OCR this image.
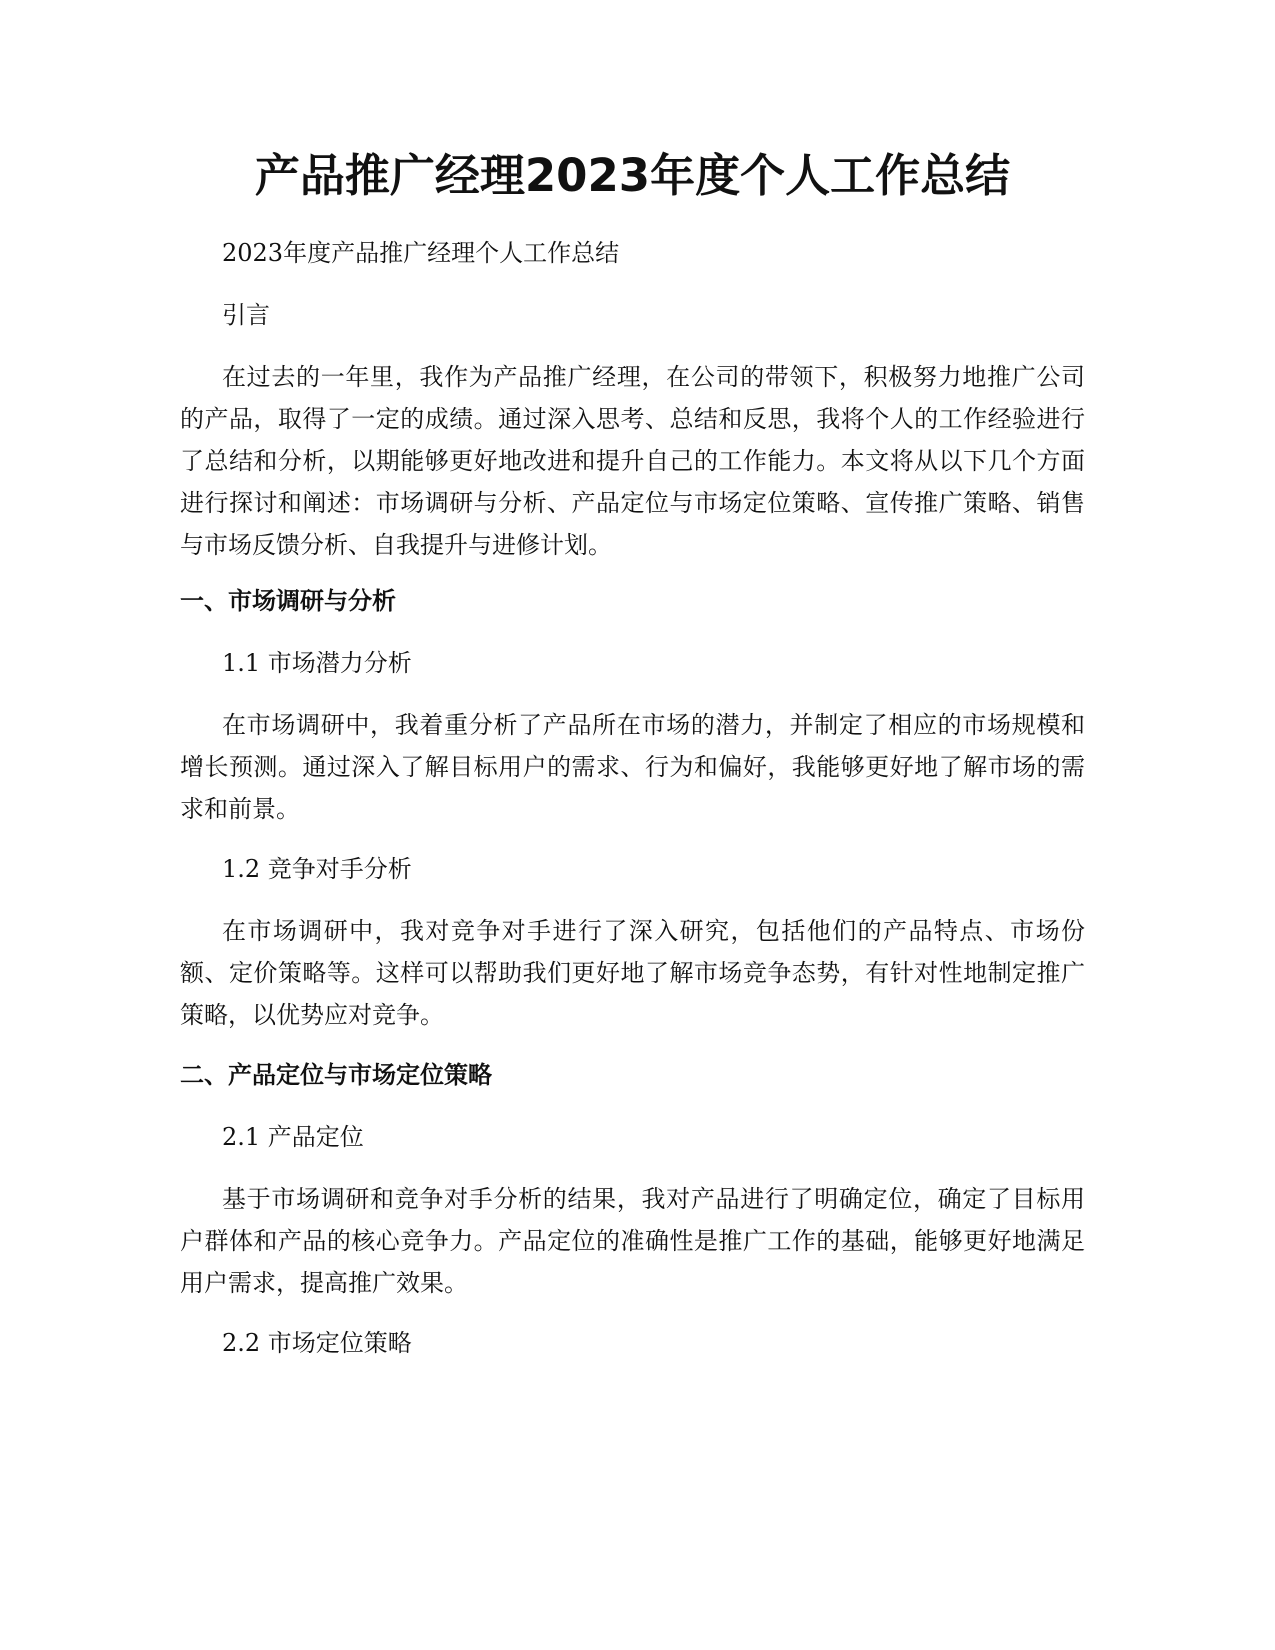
产品推广经理2023年度个人工作总结

2023年度产品推广经理个人工作总结

引言

在过去的一年里，我作为产品推广经理，在公司的带领下，积极努力地推广公司的产品，取得了一定的成绩。通过深入思考、总结和反思，我将个人的工作经验进行了总结和分析，以期能够更好地改进和提升自己的工作能力。本文将从以下几个方面进行探讨和阐述：市场调研与分析、产品定位与市场定位策略、宣传推广策略、销售与市场反馈分析、自我提升与进修计划。

一、市场调研与分析

1.1 市场潜力分析

在市场调研中，我着重分析了产品所在市场的潜力，并制定了相应的市场规模和增长预测。通过深入了解目标用户的需求、行为和偏好，我能够更好地了解市场的需求和前景。

1.2 竞争对手分析

在市场调研中，我对竞争对手进行了深入研究，包括他们的产品特点、市场份额、定价策略等。这样可以帮助我们更好地了解市场竞争态势，有针对性地制定推广策略，以优势应对竞争。

二、产品定位与市场定位策略

2.1 产品定位

基于市场调研和竞争对手分析的结果，我对产品进行了明确定位，确定了目标用户群体和产品的核心竞争力。产品定位的准确性是推广工作的基础，能够更好地满足用户需求，提高推广效果。

2.2 市场定位策略
